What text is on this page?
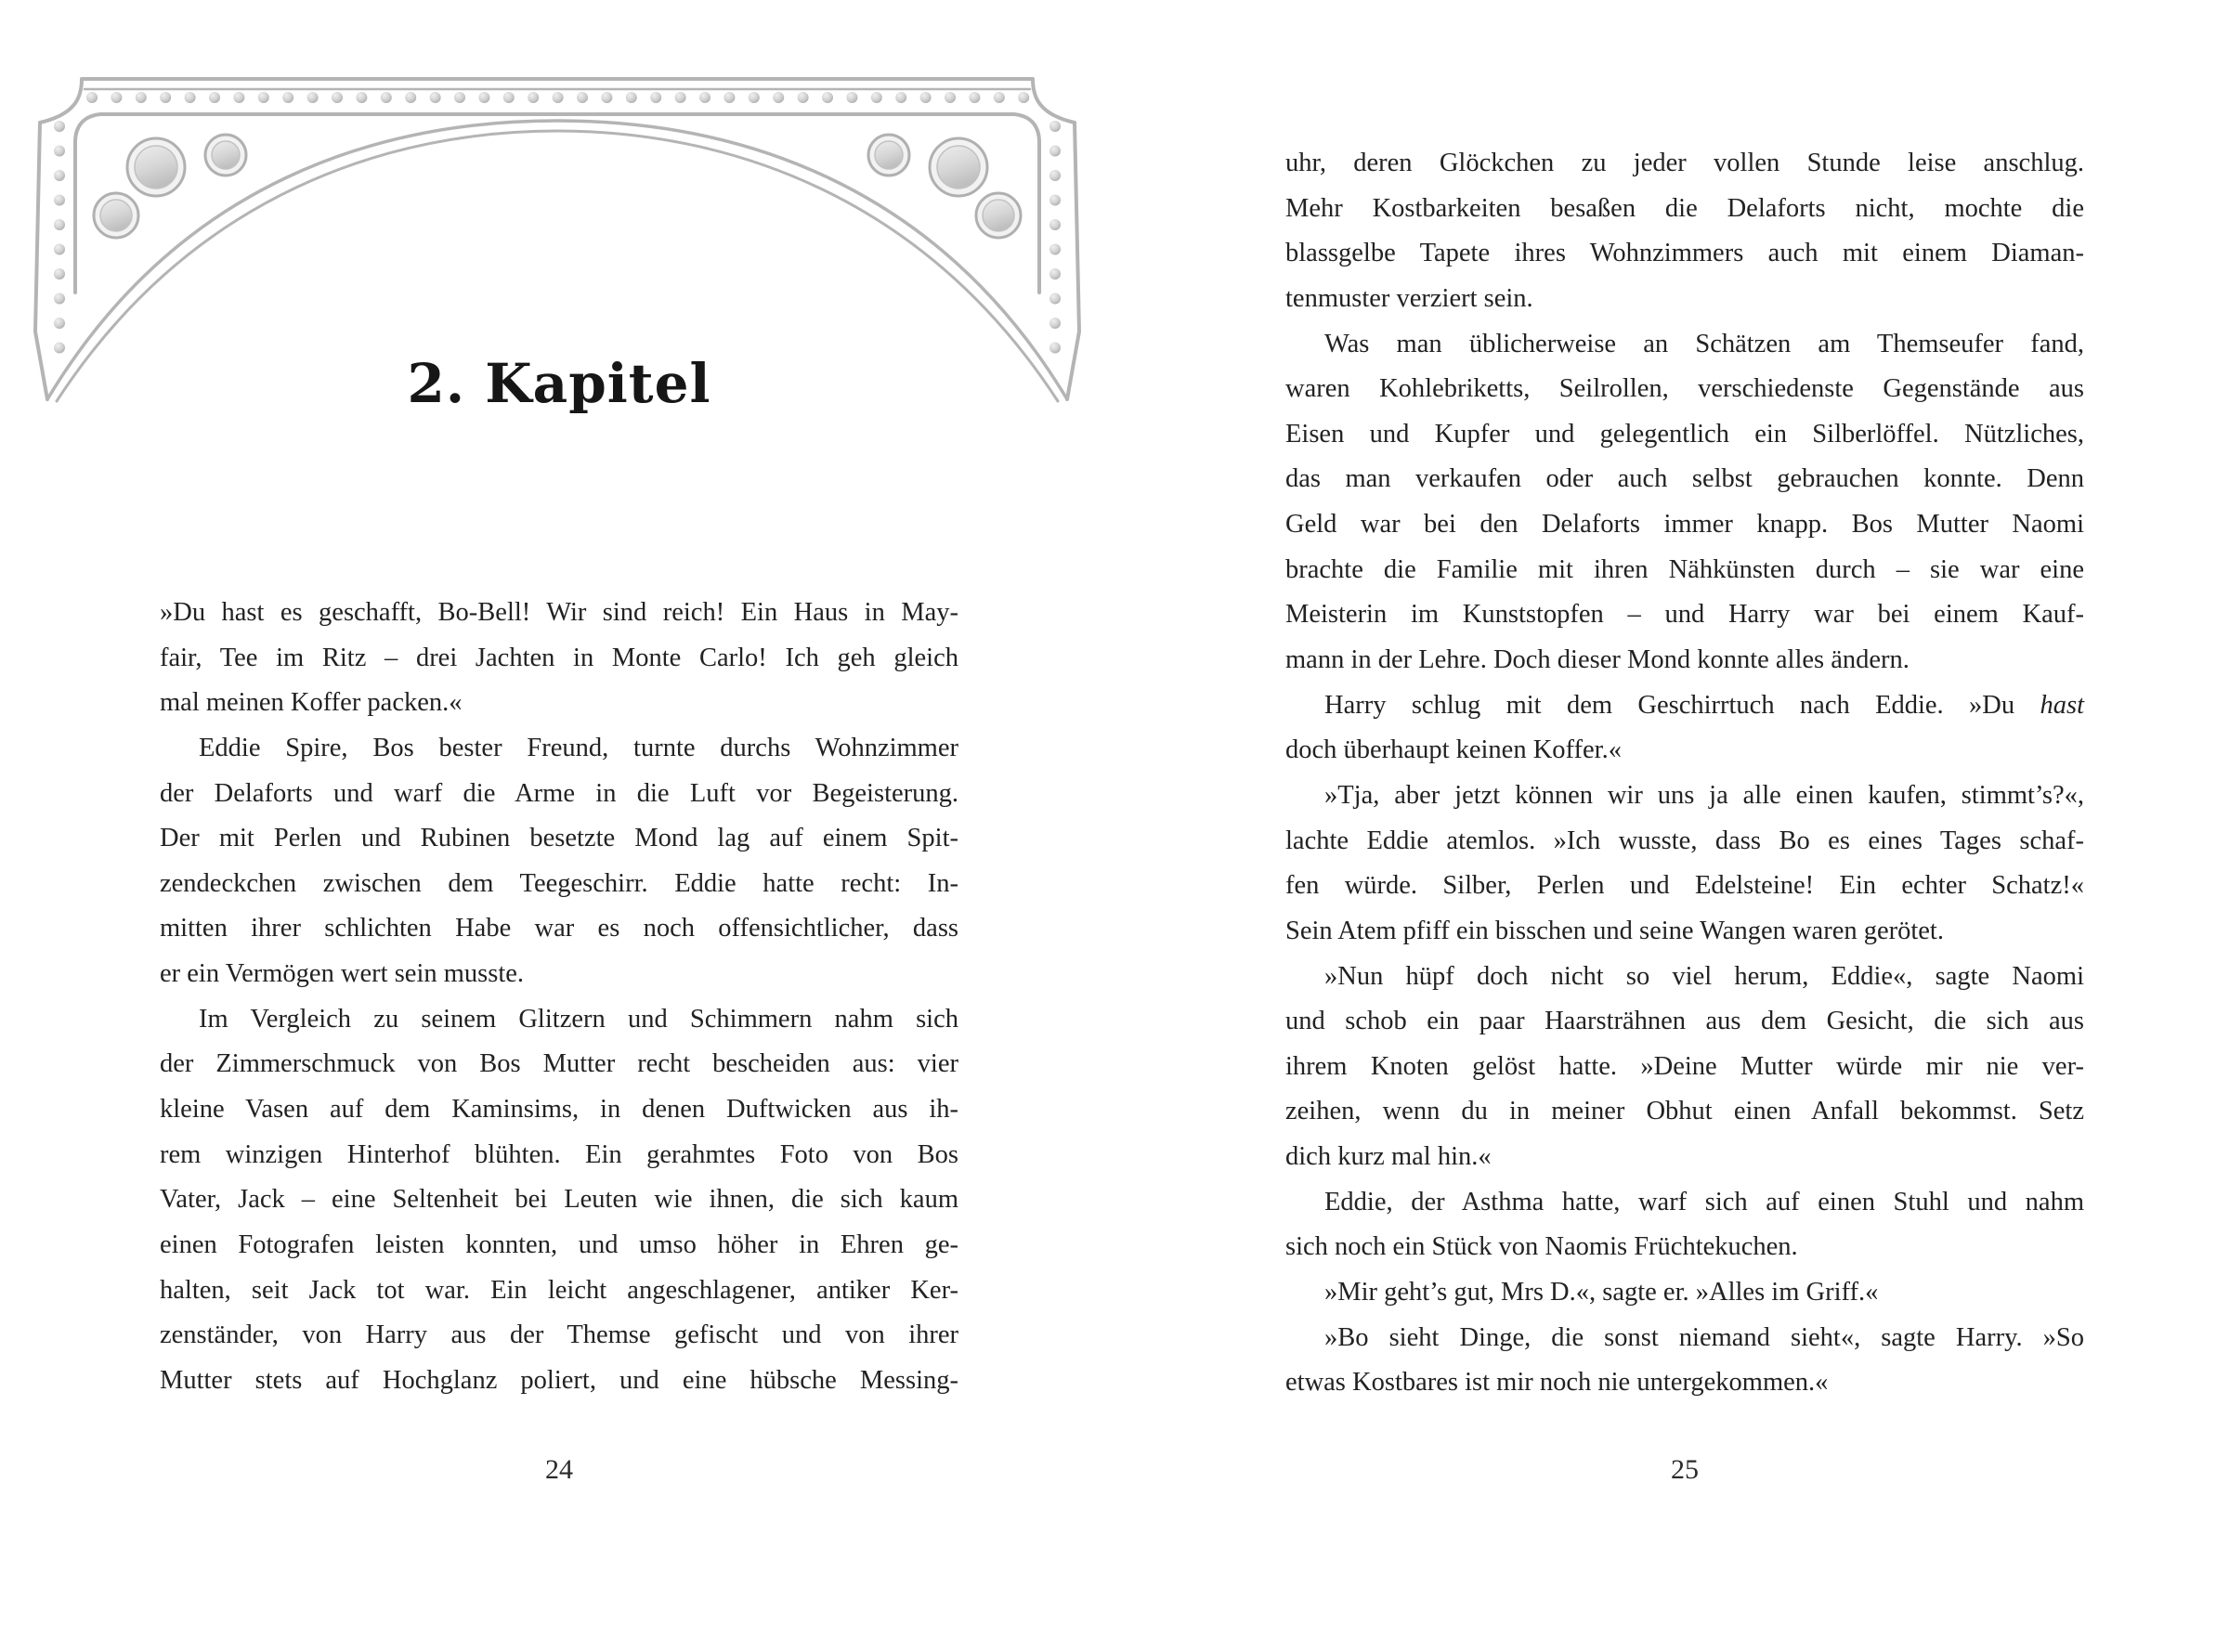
2. Kapitel
»Du hast es geschafft, Bo-Bell! Wir sind reich! Ein Haus in May-
fair, Tee im Ritz – drei Jachten in Monte Carlo! Ich geh gleich
mal meinen Koffer packen.«
Eddie Spire, Bos bester Freund, turnte durchs Wohnzimmer
der Delaforts und warf die Arme in die Luft vor Begeisterung.
Der mit Perlen und Rubinen besetzte Mond lag auf einem Spit-
zendeckchen zwischen dem Teegeschirr. Eddie hatte recht: In-
mitten ihrer schlichten Habe war es noch offensichtlicher, dass
er ein Vermögen wert sein musste.
Im Vergleich zu seinem Glitzern und Schimmern nahm sich
der Zimmerschmuck von Bos Mutter recht bescheiden aus: vier
kleine Vasen auf dem Kaminsims, in denen Duftwicken aus ih-
rem winzigen Hinterhof blühten. Ein gerahmtes Foto von Bos
Vater, Jack – eine Seltenheit bei Leuten wie ihnen, die sich kaum
einen Fotografen leisten konnten, und umso höher in Ehren ge-
halten, seit Jack tot war. Ein leicht angeschlagener, antiker Ker-
zenständer, von Harry aus der Themse gefischt und von ihrer
Mutter stets auf Hochglanz poliert, und eine hübsche Messing-
24
uhr, deren Glöckchen zu jeder vollen Stunde leise anschlug.
Mehr Kostbarkeiten besaßen die Delaforts nicht, mochte die
blassgelbe Tapete ihres Wohnzimmers auch mit einem Diaman-
tenmuster verziert sein.
Was man üblicherweise an Schätzen am Themseufer fand,
waren Kohlebriketts, Seilrollen, verschiedenste Gegenstände aus
Eisen und Kupfer und gelegentlich ein Silberlöffel. Nützliches,
das man verkaufen oder auch selbst gebrauchen konnte. Denn
Geld war bei den Delaforts immer knapp. Bos Mutter Naomi
brachte die Familie mit ihren Nähkünsten durch – sie war eine
Meisterin im Kunststopfen – und Harry war bei einem Kauf-
mann in der Lehre. Doch dieser Mond konnte alles ändern.
Harry schlug mit dem Geschirrtuch nach Eddie. »Du hast
doch überhaupt keinen Koffer.«
»Tja, aber jetzt können wir uns ja alle einen kaufen, stimmt’s?«,
lachte Eddie atemlos. »Ich wusste, dass Bo es eines Tages schaf-
fen würde. Silber, Perlen und Edelsteine! Ein echter Schatz!«
Sein Atem pfiff ein bisschen und seine Wangen waren gerötet.
»Nun hüpf doch nicht so viel herum, Eddie«, sagte Naomi
und schob ein paar Haarsträhnen aus dem Gesicht, die sich aus
ihrem Knoten gelöst hatte. »Deine Mutter würde mir nie ver-
zeihen, wenn du in meiner Obhut einen Anfall bekommst. Setz
dich kurz mal hin.«
Eddie, der Asthma hatte, warf sich auf einen Stuhl und nahm
sich noch ein Stück von Naomis Früchtekuchen.
»Mir geht’s gut, Mrs D.«, sagte er. »Alles im Griff.«
»Bo sieht Dinge, die sonst niemand sieht«, sagte Harry. »So
etwas Kostbares ist mir noch nie untergekommen.«
25
